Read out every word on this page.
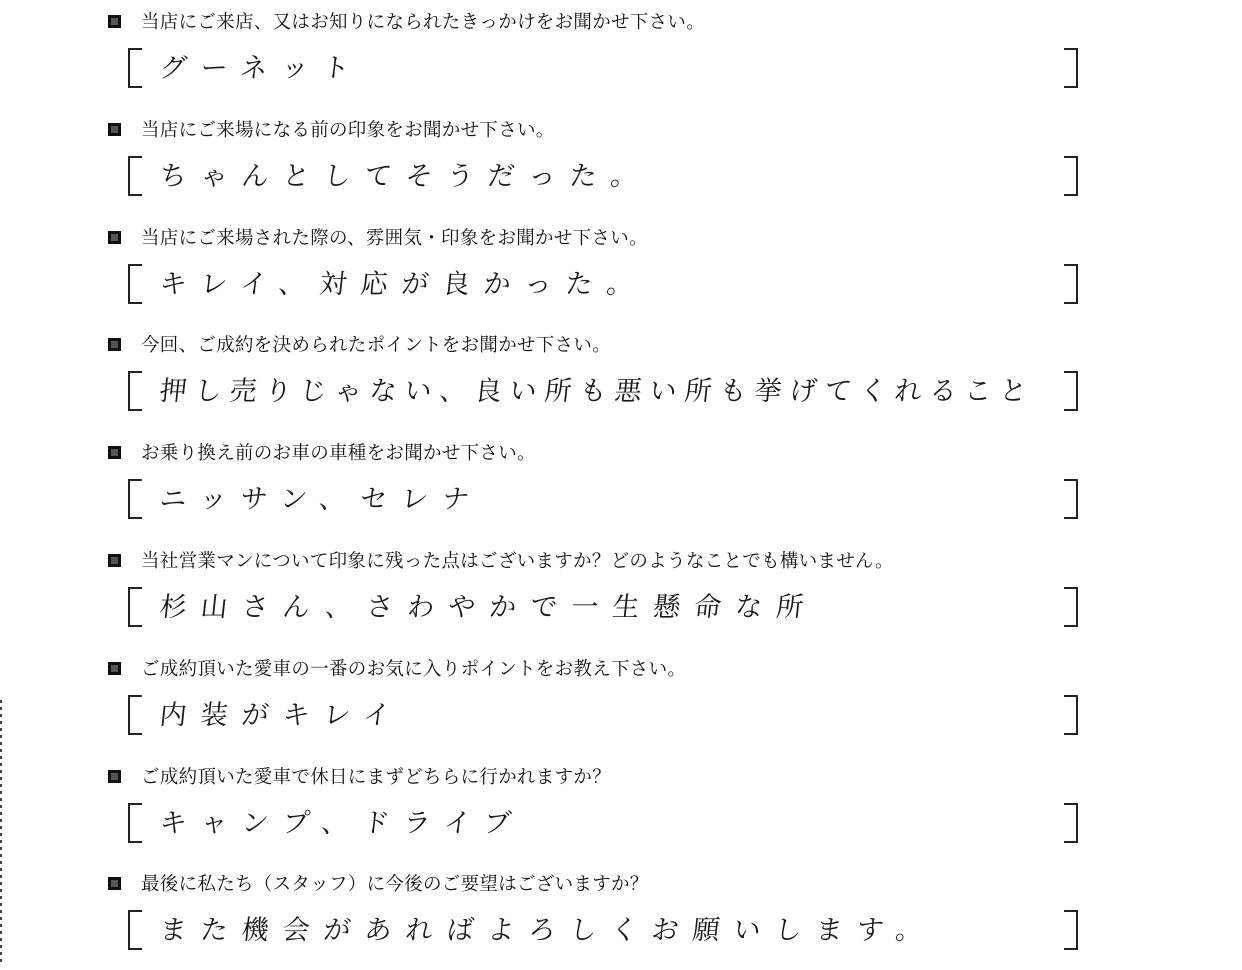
当店にご来店、又はお知りになられたきっかけをお聞かせ下さい。
グーネット
当店にご来場になる前の印象をお聞かせ下さい。
ちゃんとしてそうだった。
当店にご来場された際の、雰囲気・印象をお聞かせ下さい。
キレイ、対応が良かった。
今回、ご成約を決められたポイントをお聞かせ下さい。
押し売りじゃない、良い所も悪い所も挙げてくれること
お乗り換え前のお車の車種をお聞かせ下さい。
ニッサン、セレナ
当社営業マンについて印象に残った点はございますか？どのようなことでも構いません。
杉山さん、さわやかで一生懸命な所
ご成約頂いた愛車の一番のお気に入りポイントをお教え下さい。
内装がキレイ
ご成約頂いた愛車で休日にまずどちらに行かれますか？
キャンプ、ドライブ
最後に私たち（スタッフ）に今後のご要望はございますか？
また機会があればよろしくお願いします。
